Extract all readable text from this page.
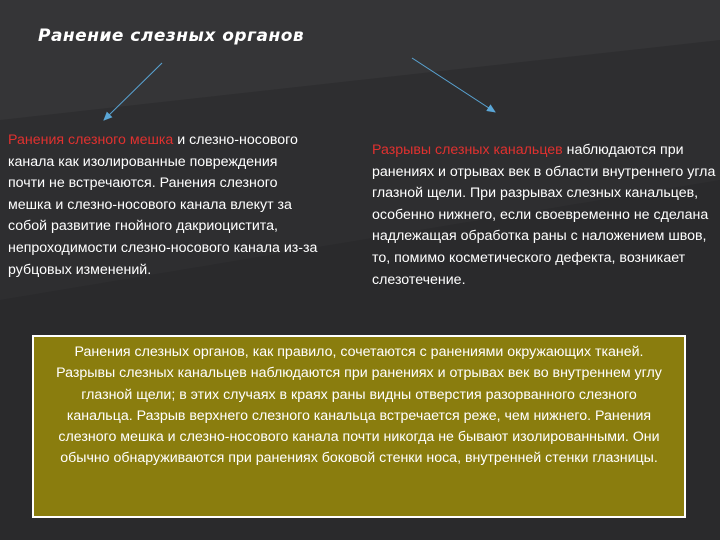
Ранение слезных органов
Ранения слезного мешка и слезно-носового канала как изолированные повреждения почти не встречаются. Ранения слезного мешка и слезно-носового канала влекут за собой развитие гнойного дакриоцистита, непроходимости слезно-носового канала из-за рубцовых изменений.
Разрывы слезных канальцев наблюдаются при ранениях и отрывах век в области внутреннего угла глазной щели. При разрывах слезных канальцев, особенно нижнего, если своевременно не сделана надлежащая обработка раны с наложением швов, то, помимо косметического дефекта, возникает слезотечение.
Ранения слезных органов, как правило, сочетаются с ранениями окружающих тканей. Разрывы слезных канальцев наблюдаются при ранениях и отрывах век во внутреннем углу глазной щели; в этих случаях в краях раны видны отверстия разорванного слезного канальца. Разрыв верхнего слезного канальца встречается реже, чем нижнего. Ранения слезного мешка и слезно-носового канала почти никогда не бывают изолированными. Они обычно обнаруживаются при ранениях боковой стенки носа, внутренней стенки глазницы.
